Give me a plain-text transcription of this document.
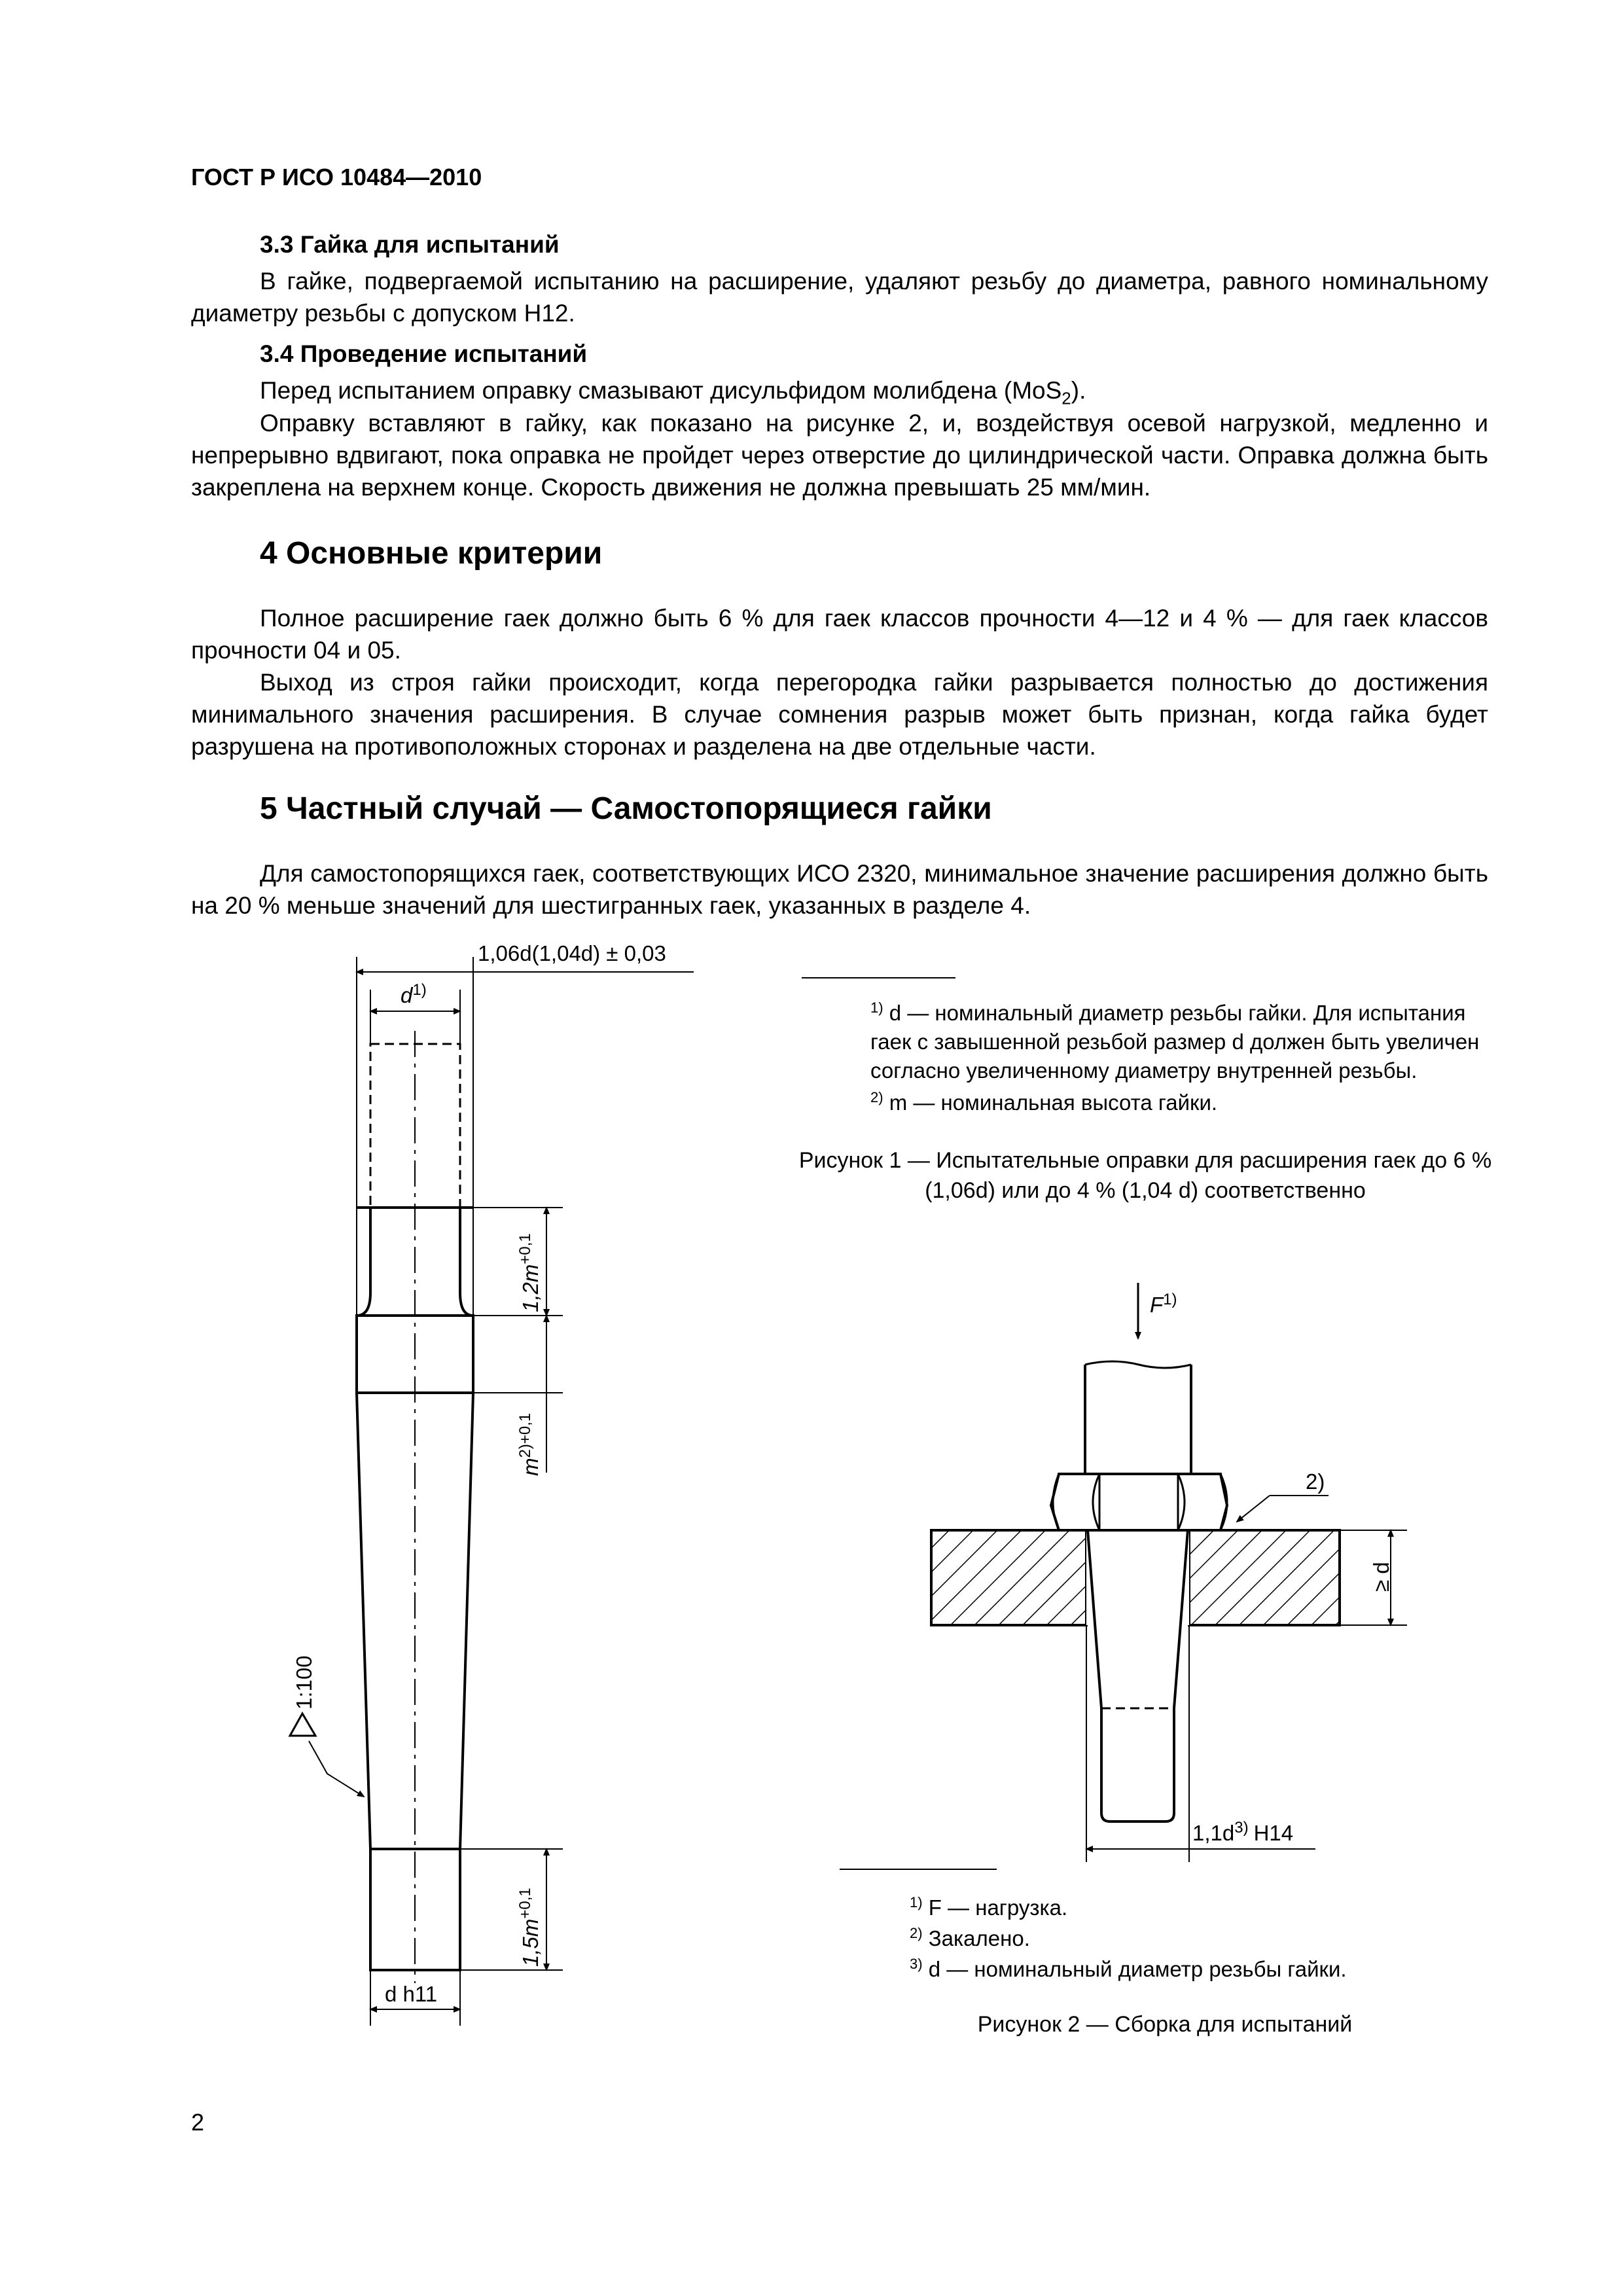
ГОСТ Р ИСО 10484—2010
3.3 Гайка для испытаний

В гайке, подвергаемой испытанию на расширение, удаляют резьбу до диаметра, равного номинальному диаметру резьбы с допуском H12.

3.4 Проведение испытаний

Перед испытанием оправку смазывают дисульфидом молибдена (MoS$_2$).

Оправку вставляют в гайку, как показано на рисунке 2, и, воздействуя осевой нагрузкой, медленно и непрерывно вдвигают, пока оправка не пройдет через отверстие до цилиндрической части. Оправка должна быть закреплена на верхнем конце. Скорость движения не должна превышать 25 мм/мин.

4 Основные критерии

Полное расширение гаек должно быть 6 % для гаек классов прочности 4—12 и 4 % — для гаек классов прочности 04 и 05.

Выход из строя гайки происходит, когда перегородка гайки разрывается полностью до достижения минимального значения расширения. В случае сомнения разрыв может быть признан, когда гайка будет разрушена на противоположных сторонах и разделена на две отдельные части.

5 Частный случай — Самостопорящиеся гайки

Для самостопорящихся гаек, соответствующих ИСО 2320, минимальное значение расширения должно быть на 20 % меньше значений для шестигранных гаек, указанных в разделе 4.

1,06d(1,04d) ± 0,03
$d^{1)}$
$1,2m^{+0,1}$
$m^{2)}+0,1$
1:100
$1,5m^{+0,1}$
d h11
$F^{1)}$
2)
≥ d
$1,1d^{3)}$ H14
$^{1)}$ d — номинальный диаметр резьбы гайки. Для испытания гаек с завышенной резьбой размер d должен быть увеличен согласно увеличенному диаметру внутренней резьбы.
$^{2)}$ m — номинальная высота гайки.
Рисунок 1 — Испытательные оправки для расширения гаек до 6 % (1,06d) или до 4 % (1,04 d) соответственно
$^{1)}$ F — нагрузка.
$^{2)}$ Закалено.
$^{3)}$ d — номинальный диаметр резьбы гайки.
Рисунок 2 — Сборка для испытаний
2
